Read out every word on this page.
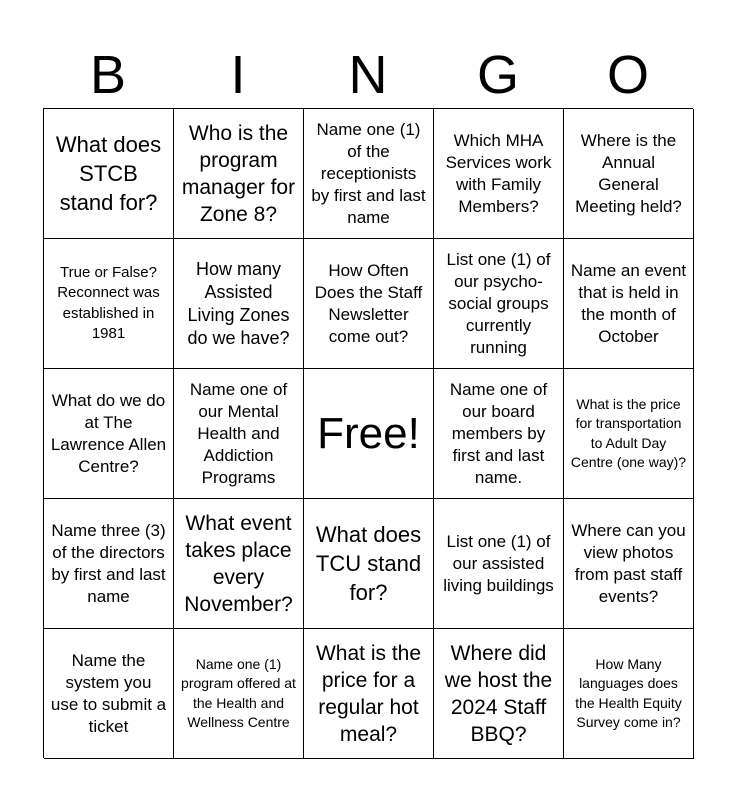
B	I	N	G	O
What does STCB stand for?
Who is the program manager for Zone 8?
Name one (1) of the receptionists by first and last name
Which MHA Services work with Family Members?
Where is the Annual General Meeting held?
True or False? Reconnect was established in 1981
How many Assisted Living Zones do we have?
How Often Does the Staff Newsletter come out?
List one (1) of our psycho-social groups currently running
Name an event that is held in the month of October
What do we do at The Lawrence Allen Centre?
Name one of our Mental Health and Addiction Programs
Free!
Name one of our board members by first and last name.
What is the price for transportation to Adult Day Centre (one way)?
Name three (3) of the directors by first and last name
What event takes place every November?
What does TCU stand for?
List one (1) of our assisted living buildings
Where can you view photos from past staff events?
Name the system you use to submit a ticket
Name one (1) program offered at the Health and Wellness Centre
What is the price for a regular hot meal?
Where did we host the 2024 Staff BBQ?
How Many languages does the Health Equity Survey come in?
